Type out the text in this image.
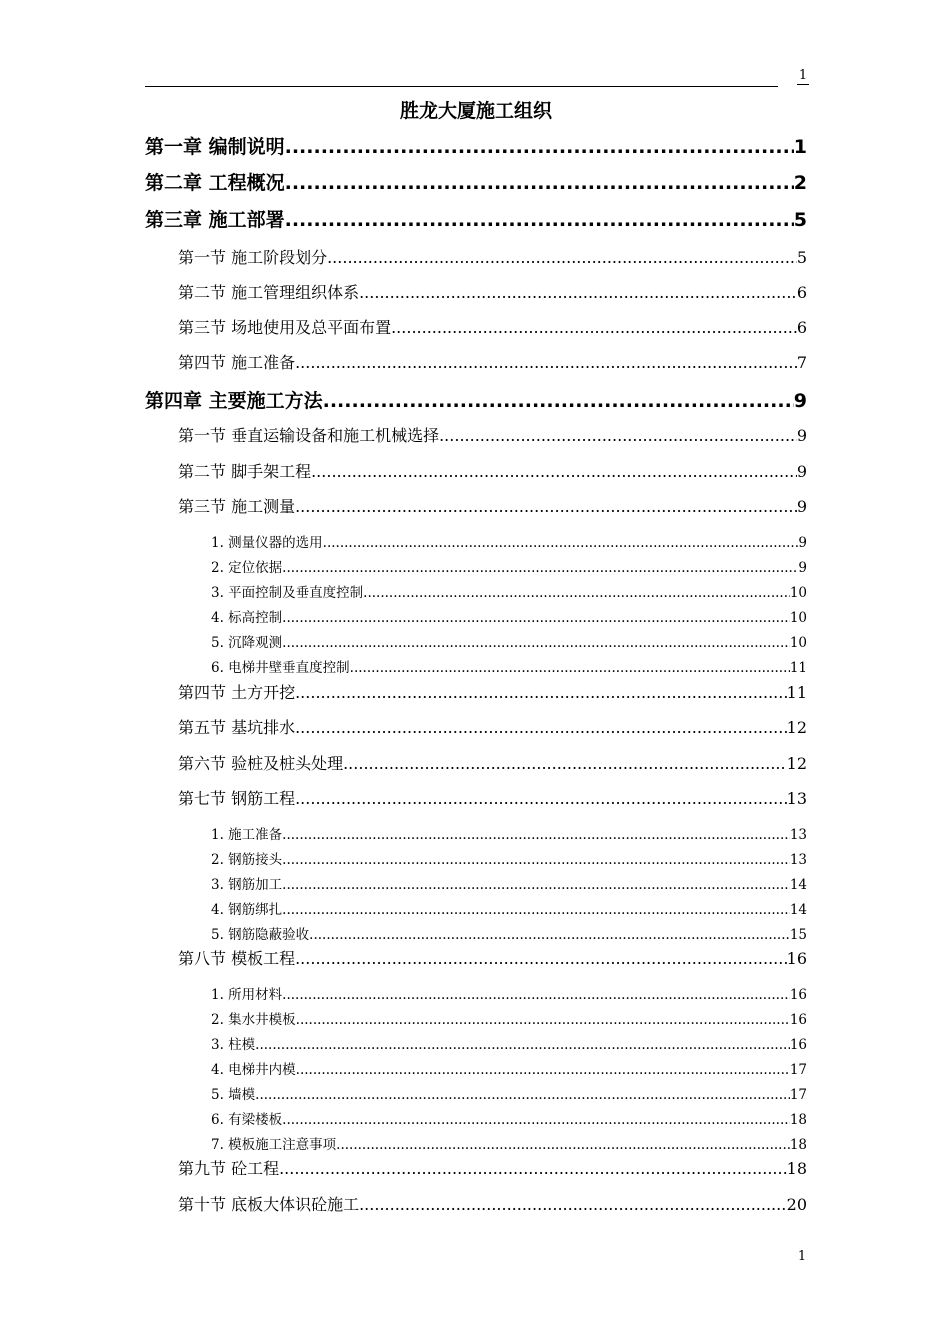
1
胜龙大厦施工组织
第一章 编制说明 .....	1
第二章 工程概况 .....	2
第三章 施工部署 .....	5
第一节 施工阶段划分 .....	5
第二节 施工管理组织体系 .....	6
第三节 场地使用及总平面布置 .....	6
第四节 施工准备 .....	7
第四章 主要施工方法 .....	9
第一节 垂直运输设备和施工机械选择 .....	9
第二节 脚手架工程 .....	9
第三节 施工测量 .....	9
1. 测量仪器的选用 .....	9
2. 定位依据 .....	9
3. 平面控制及垂直度控制 .....	10
4. 标高控制 .....	10
5. 沉降观测 .....	10
6. 电梯井壁垂直度控制 .....	11
第四节 土方开挖 .....	11
第五节 基坑排水 .....	12
第六节 验桩及桩头处理 .....	12
第七节 钢筋工程 .....	13
1. 施工准备 .....	13
2. 钢筋接头 .....	13
3. 钢筋加工 .....	14
4. 钢筋绑扎 .....	14
5. 钢筋隐蔽验收 .....	15
第八节 模板工程 .....	16
1. 所用材料 .....	16
2. 集水井模板 .....	16
3. 柱模 .....	16
4. 电梯井内模 .....	17
5. 墙模 .....	17
6. 有梁楼板 .....	18
7. 模板施工注意事项 .....	18
第九节 砼工程 .....	18
第十节 底板大体识砼施工 .....	20
1
